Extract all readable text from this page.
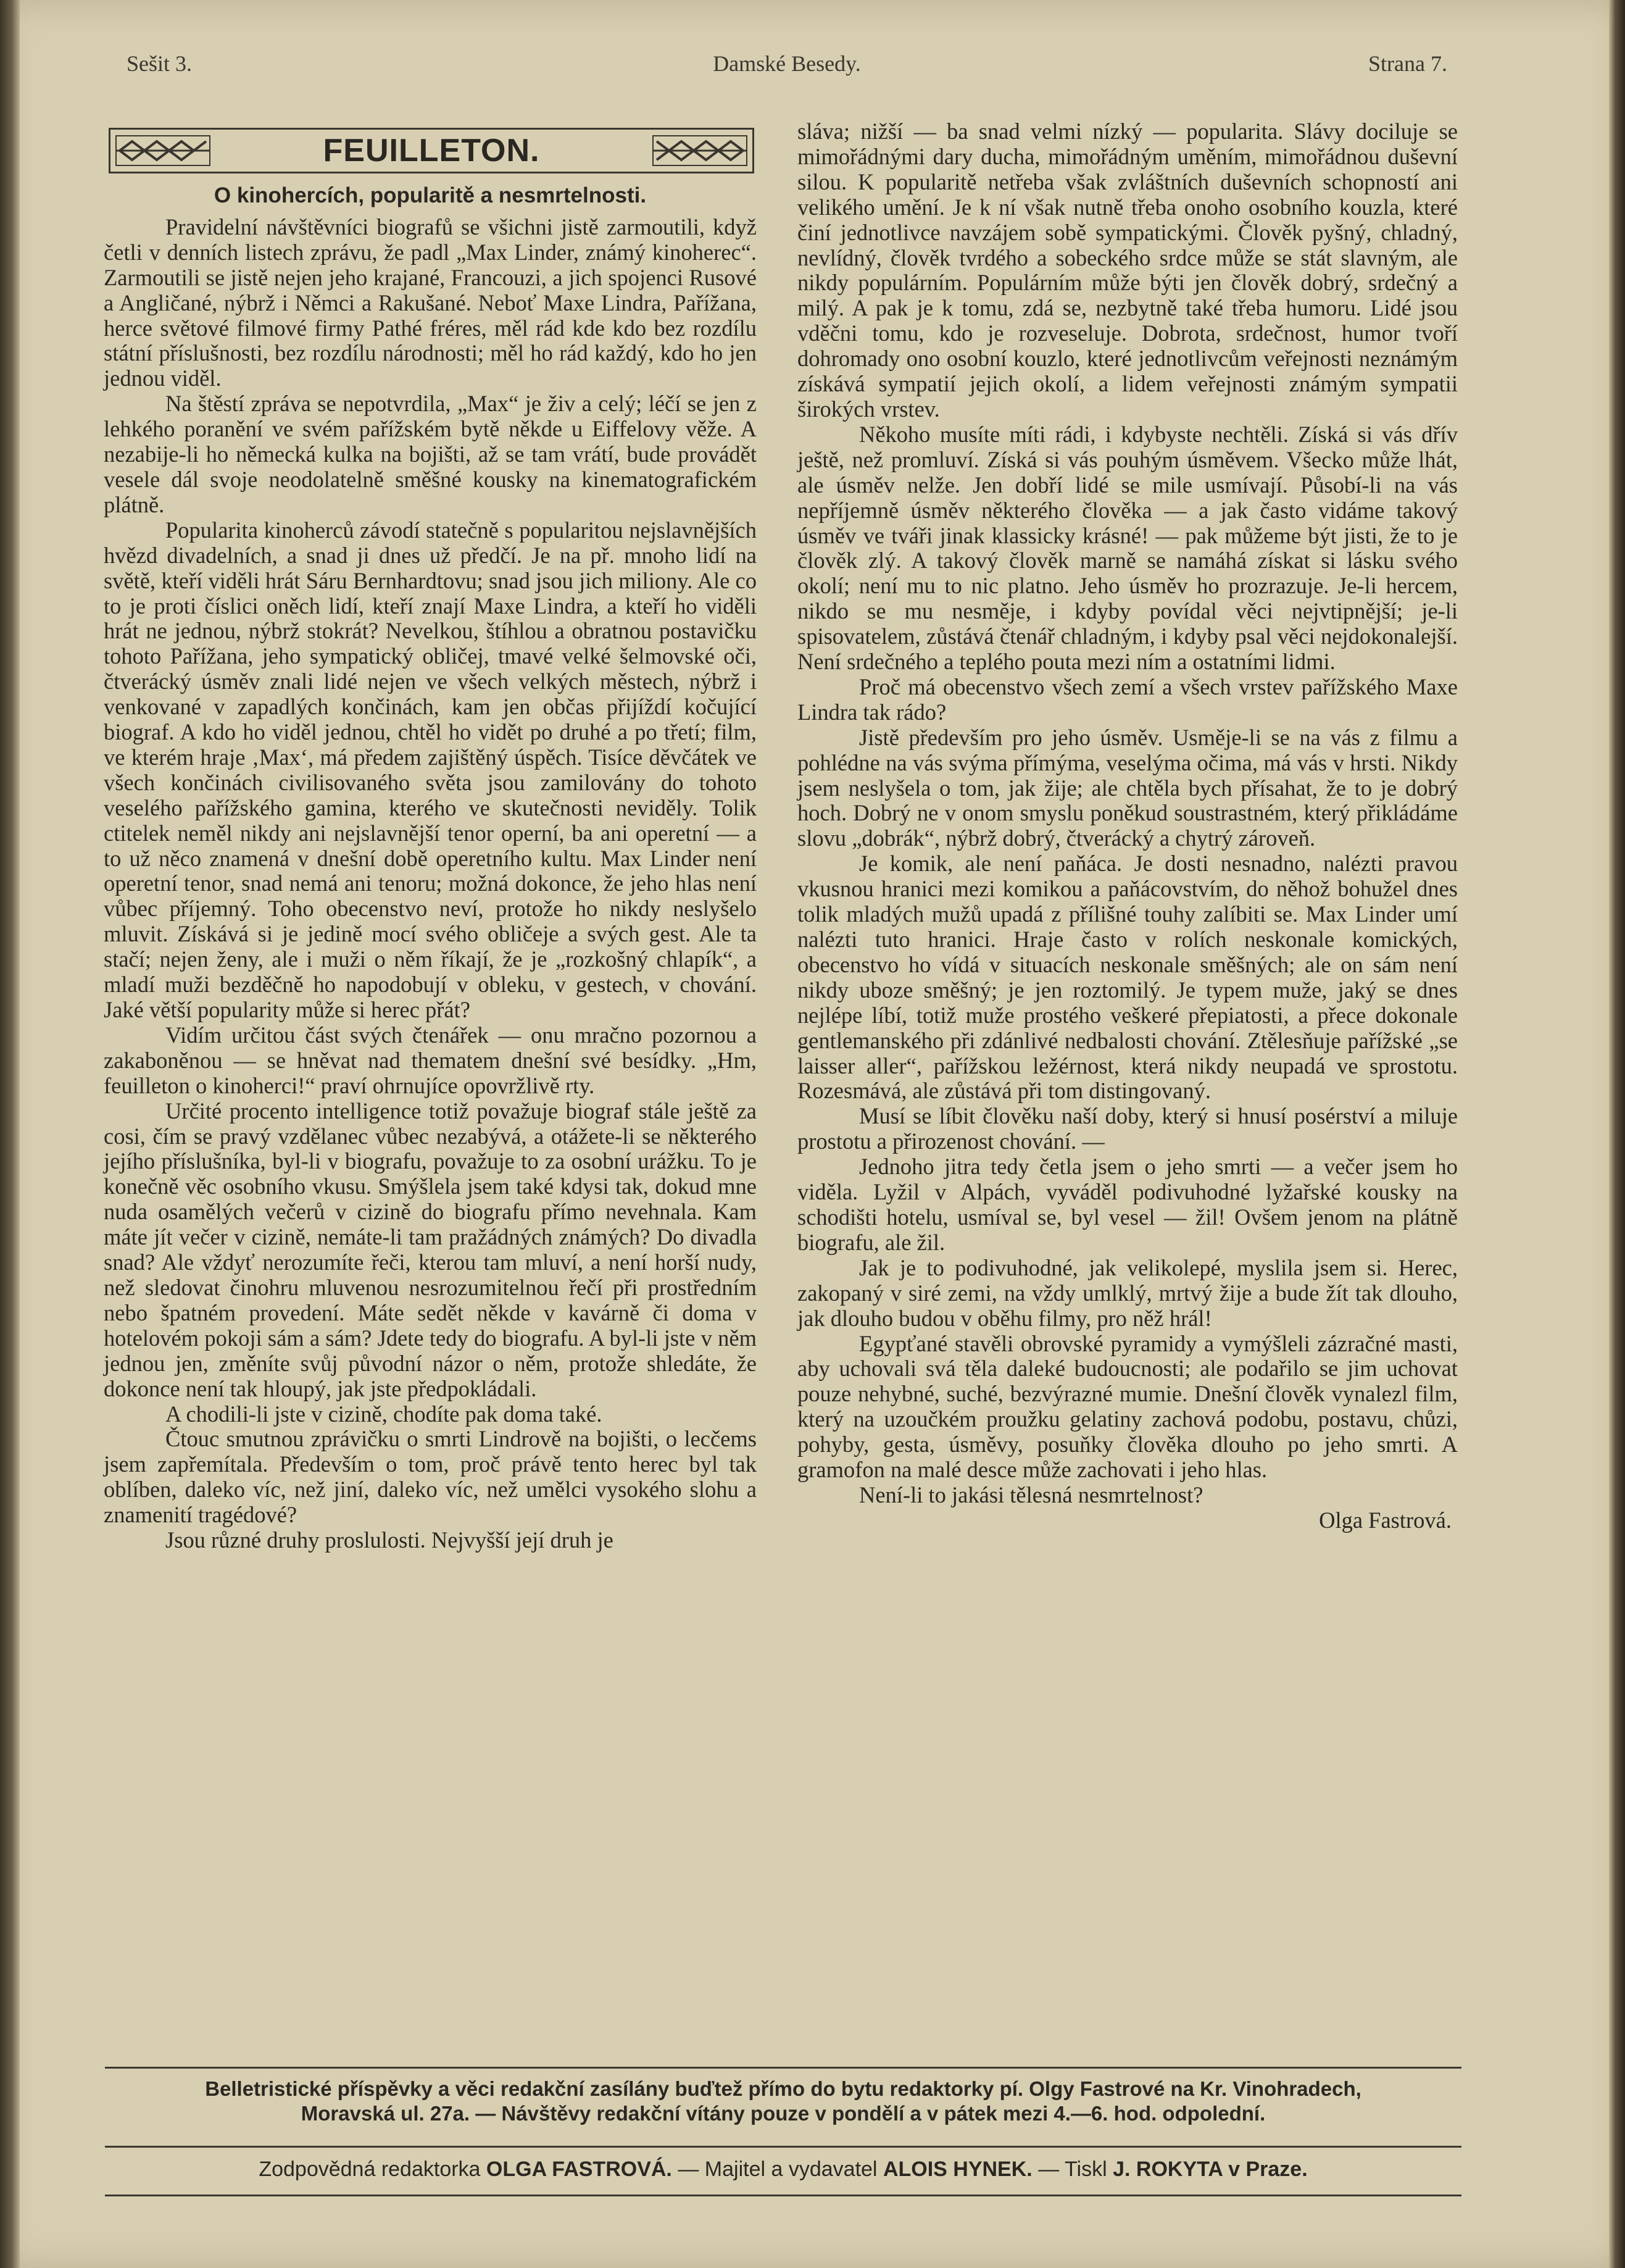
Sešit 3.	Damské Besedy.	Strana 7.
FEUILLETON.
O kinohercích, popularitě a nesmrtelnosti.

Pravidelní návštěvníci biografů se všichni jistě zarmoutili, když četli v denních listech zprávu, že padl „Max Linder, známý kinoherec“. Zarmoutili se jistě nejen jeho krajané, Francouzi, a jich spojenci Rusové a Angličané, nýbrž i Němci a Rakušané. Neboť Maxe Lindra, Pařížana, herce světové filmové firmy Pathé fréres, měl rád kde kdo bez rozdílu státní příslušnosti, bez rozdílu národnosti; měl ho rád každý, kdo ho jen jednou viděl.

Na štěstí zpráva se nepotvrdila, „Max“ je živ a celý; léčí se jen z lehkého poranění ve svém pařížském bytě někde u Eiffelovy věže. A nezabije-li ho německá kulka na bojišti, až se tam vrátí, bude provádět vesele dál svoje neodolatelně směšné kousky na kinematografickém plátně.

Popularita kinoherců závodí statečně s popularitou nejslavnějších hvězd divadelních, a snad ji dnes už předčí. Je na př. mnoho lidí na světě, kteří viděli hrát Sáru Bernhardtovu; snad jsou jich miliony. Ale co to je proti číslici oněch lidí, kteří znají Maxe Lindra, a kteří ho viděli hrát ne jednou, nýbrž stokrát? Nevelkou, štíhlou a obratnou postavičku tohoto Pařížana, jeho sympatický obličej, tmavé velké šelmovské oči, čtverácký úsměv znali lidé nejen ve všech velkých městech, nýbrž i venkované v zapadlých končinách, kam jen občas přijíždí kočující biograf. A kdo ho viděl jednou, chtěl ho vidět po druhé a po třetí; film, ve kterém hraje ‚Max‘, má předem zajištěný úspěch. Tisíce děvčátek ve všech končinách civilisovaného světa jsou zamilovány do tohoto veselého pařížského gamina, kterého ve skutečnosti neviděly. Tolik ctitelek neměl nikdy ani nejslavnější tenor operní, ba ani operetní — a to už něco znamená v dnešní době operetního kultu. Max Linder není operetní tenor, snad nemá ani tenoru; možná dokonce, že jeho hlas není vůbec příjemný. Toho obecenstvo neví, protože ho nikdy neslyšelo mluvit. Získává si je jedině mocí svého obličeje a svých gest. Ale ta stačí; nejen ženy, ale i muži o něm říkají, že je „rozkošný chlapík“, a mladí muži bezděčně ho napodobují v obleku, v gestech, v chování. Jaké větší popularity může si herec přát?

Vidím určitou část svých čtenářek — onu mračno pozornou a zakaboněnou — se hněvat nad thematem dnešní své besídky. „Hm, feuilleton o kinoherci!“ praví ohrnujíce opovržlivě rty.

Určité procento intelligence totiž považuje biograf stále ještě za cosi, čím se pravý vzdělanec vůbec nezabývá, a otážete-li se některého jejího příslušníka, byl-li v biografu, považuje to za osobní urážku. To je konečně věc osobního vkusu. Smýšlela jsem také kdysi tak, dokud mne nuda osamělých večerů v cizině do biografu přímo nevehnala. Kam máte jít večer v cizině, nemáte-li tam pražádných známých? Do divadla snad? Ale vždyť nerozumíte řeči, kterou tam mluví, a není horší nudy, než sledovat činohru mluvenou nesrozumitelnou řečí při prostředním nebo špatném provedení. Máte sedět někde v kavárně či doma v hotelovém pokoji sám a sám? Jdete tedy do biografu. A byl-li jste v něm jednou jen, změníte svůj původní názor o něm, protože shledáte, že dokonce není tak hloupý, jak jste předpokládali.

A chodili-li jste v cizině, chodíte pak doma také.

Čtouc smutnou zprávičku o smrti Lindrově na bojišti, o lecčems jsem zapřemítala. Především o tom, proč právě tento herec byl tak oblíben, daleko víc, než jiní, daleko víc, než umělci vysokého slohu a znamenití tragédové?

Jsou různé druhy proslulosti. Nejvyšší její druh je

sláva; nižší — ba snad velmi nízký — popularita. Slávy dociluje se mimořádnými dary ducha, mimořádným uměním, mimořádnou duševní silou. K popularitě netřeba však zvláštních duševních schopností ani velikého umění. Je k ní však nutně třeba onoho osobního kouzla, které činí jednotlivce navzájem sobě sympatickými. Člověk pyšný, chladný, nevlídný, člověk tvrdého a sobeckého srdce může se stát slavným, ale nikdy populárním. Populárním může býti jen člověk dobrý, srdečný a milý. A pak je k tomu, zdá se, nezbytně také třeba humoru. Lidé jsou vděčni tomu, kdo je rozveseluje. Dobrota, srdečnost, humor tvoří dohromady ono osobní kouzlo, které jednotlivcům veřejnosti neznámým získává sympatií jejich okolí, a lidem veřejnosti známým sympatii širokých vrstev.

Někoho musíte míti rádi, i kdybyste nechtěli. Získá si vás dřív ještě, než promluví. Získá si vás pouhým úsměvem. Všecko může lhát, ale úsměv nelže. Jen dobří lidé se mile usmívají. Působí-li na vás nepříjemně úsměv některého člověka — a jak často vidáme takový úsměv ve tváři jinak klassicky krásné! — pak můžeme být jisti, že to je člověk zlý. A takový člověk marně se namáhá získat si lásku svého okolí; není mu to nic platno. Jeho úsměv ho prozrazuje. Je-li hercem, nikdo se mu nesměje, i kdyby povídal věci nejvtipnější; je-li spisovatelem, zůstává čtenář chladným, i kdyby psal věci nejdokonalejší. Není srdečného a teplého pouta mezi ním a ostatními lidmi.

Proč má obecenstvo všech zemí a všech vrstev pařížského Maxe Lindra tak rádo?

Jistě především pro jeho úsměv. Usměje-li se na vás z filmu a pohlédne na vás svýma přímýma, veselýma očima, má vás v hrsti. Nikdy jsem neslyšela o tom, jak žije; ale chtěla bych přísahat, že to je dobrý hoch. Dobrý ne v onom smyslu poněkud soustrastném, který přikládáme slovu „dobrák“, nýbrž dobrý, čtverácký a chytrý zároveň.

Je komik, ale není paňáca. Je dosti nesnadno, nalézti pravou vkusnou hranici mezi komikou a paňácovstvím, do něhož bohužel dnes tolik mladých mužů upadá z přílišné touhy zalíbiti se. Max Linder umí nalézti tuto hranici. Hraje často v rolích neskonale komických, obecenstvo ho vídá v situacích neskonale směšných; ale on sám není nikdy uboze směšný; je jen roztomilý. Je typem muže, jaký se dnes nejlépe líbí, totiž muže prostého veškeré přepiatosti, a přece dokonale gentlemanského při zdánlivé nedbalosti chování. Ztělesňuje pařížské „se laisser aller“, pařížskou ležérnost, která nikdy neupadá ve sprostotu. Rozesmává, ale zůstává při tom distingovaný.

Musí se líbit člověku naší doby, který si hnusí posérství a miluje prostotu a přirozenost chování. —

Jednoho jitra tedy četla jsem o jeho smrti — a večer jsem ho viděla. Lyžil v Alpách, vyváděl podivuhodné lyžařské kousky na schodišti hotelu, usmíval se, byl vesel — žil! Ovšem jenom na plátně biografu, ale žil.

Jak je to podivuhodné, jak velikolepé, myslila jsem si. Herec, zakopaný v siré zemi, na vždy umlklý, mrtvý žije a bude žít tak dlouho, jak dlouho budou v oběhu filmy, pro něž hrál!

Egypťané stavěli obrovské pyramidy a vymýšleli zázračné masti, aby uchovali svá těla daleké budoucnosti; ale podařilo se jim uchovat pouze nehybné, suché, bezvýrazné mumie. Dnešní člověk vynalezl film, který na uzoučkém proužku gelatiny zachová podobu, postavu, chůzi, pohyby, gesta, úsměvy, posuňky člověka dlouho po jeho smrti. A gramofon na malé desce může zachovati i jeho hlas.

Není-li to jakási tělesná nesmrtelnost?

Olga Fastrová.

Belletristické příspěvky a věci redakční zasílány buďtež přímo do bytu redaktorky pí. Olgy Fastrové na Kr. Vinohradech,
Moravská ul. 27a. — Návštěvy redakční vítány pouze v pondělí a v pátek mezi 4.—6. hod. odpolední.
Zodpovědná redaktorka OLGA FASTROVÁ. — Majitel a vydavatel ALOIS HYNEK. — Tiskl J. ROKYTA v Praze.
